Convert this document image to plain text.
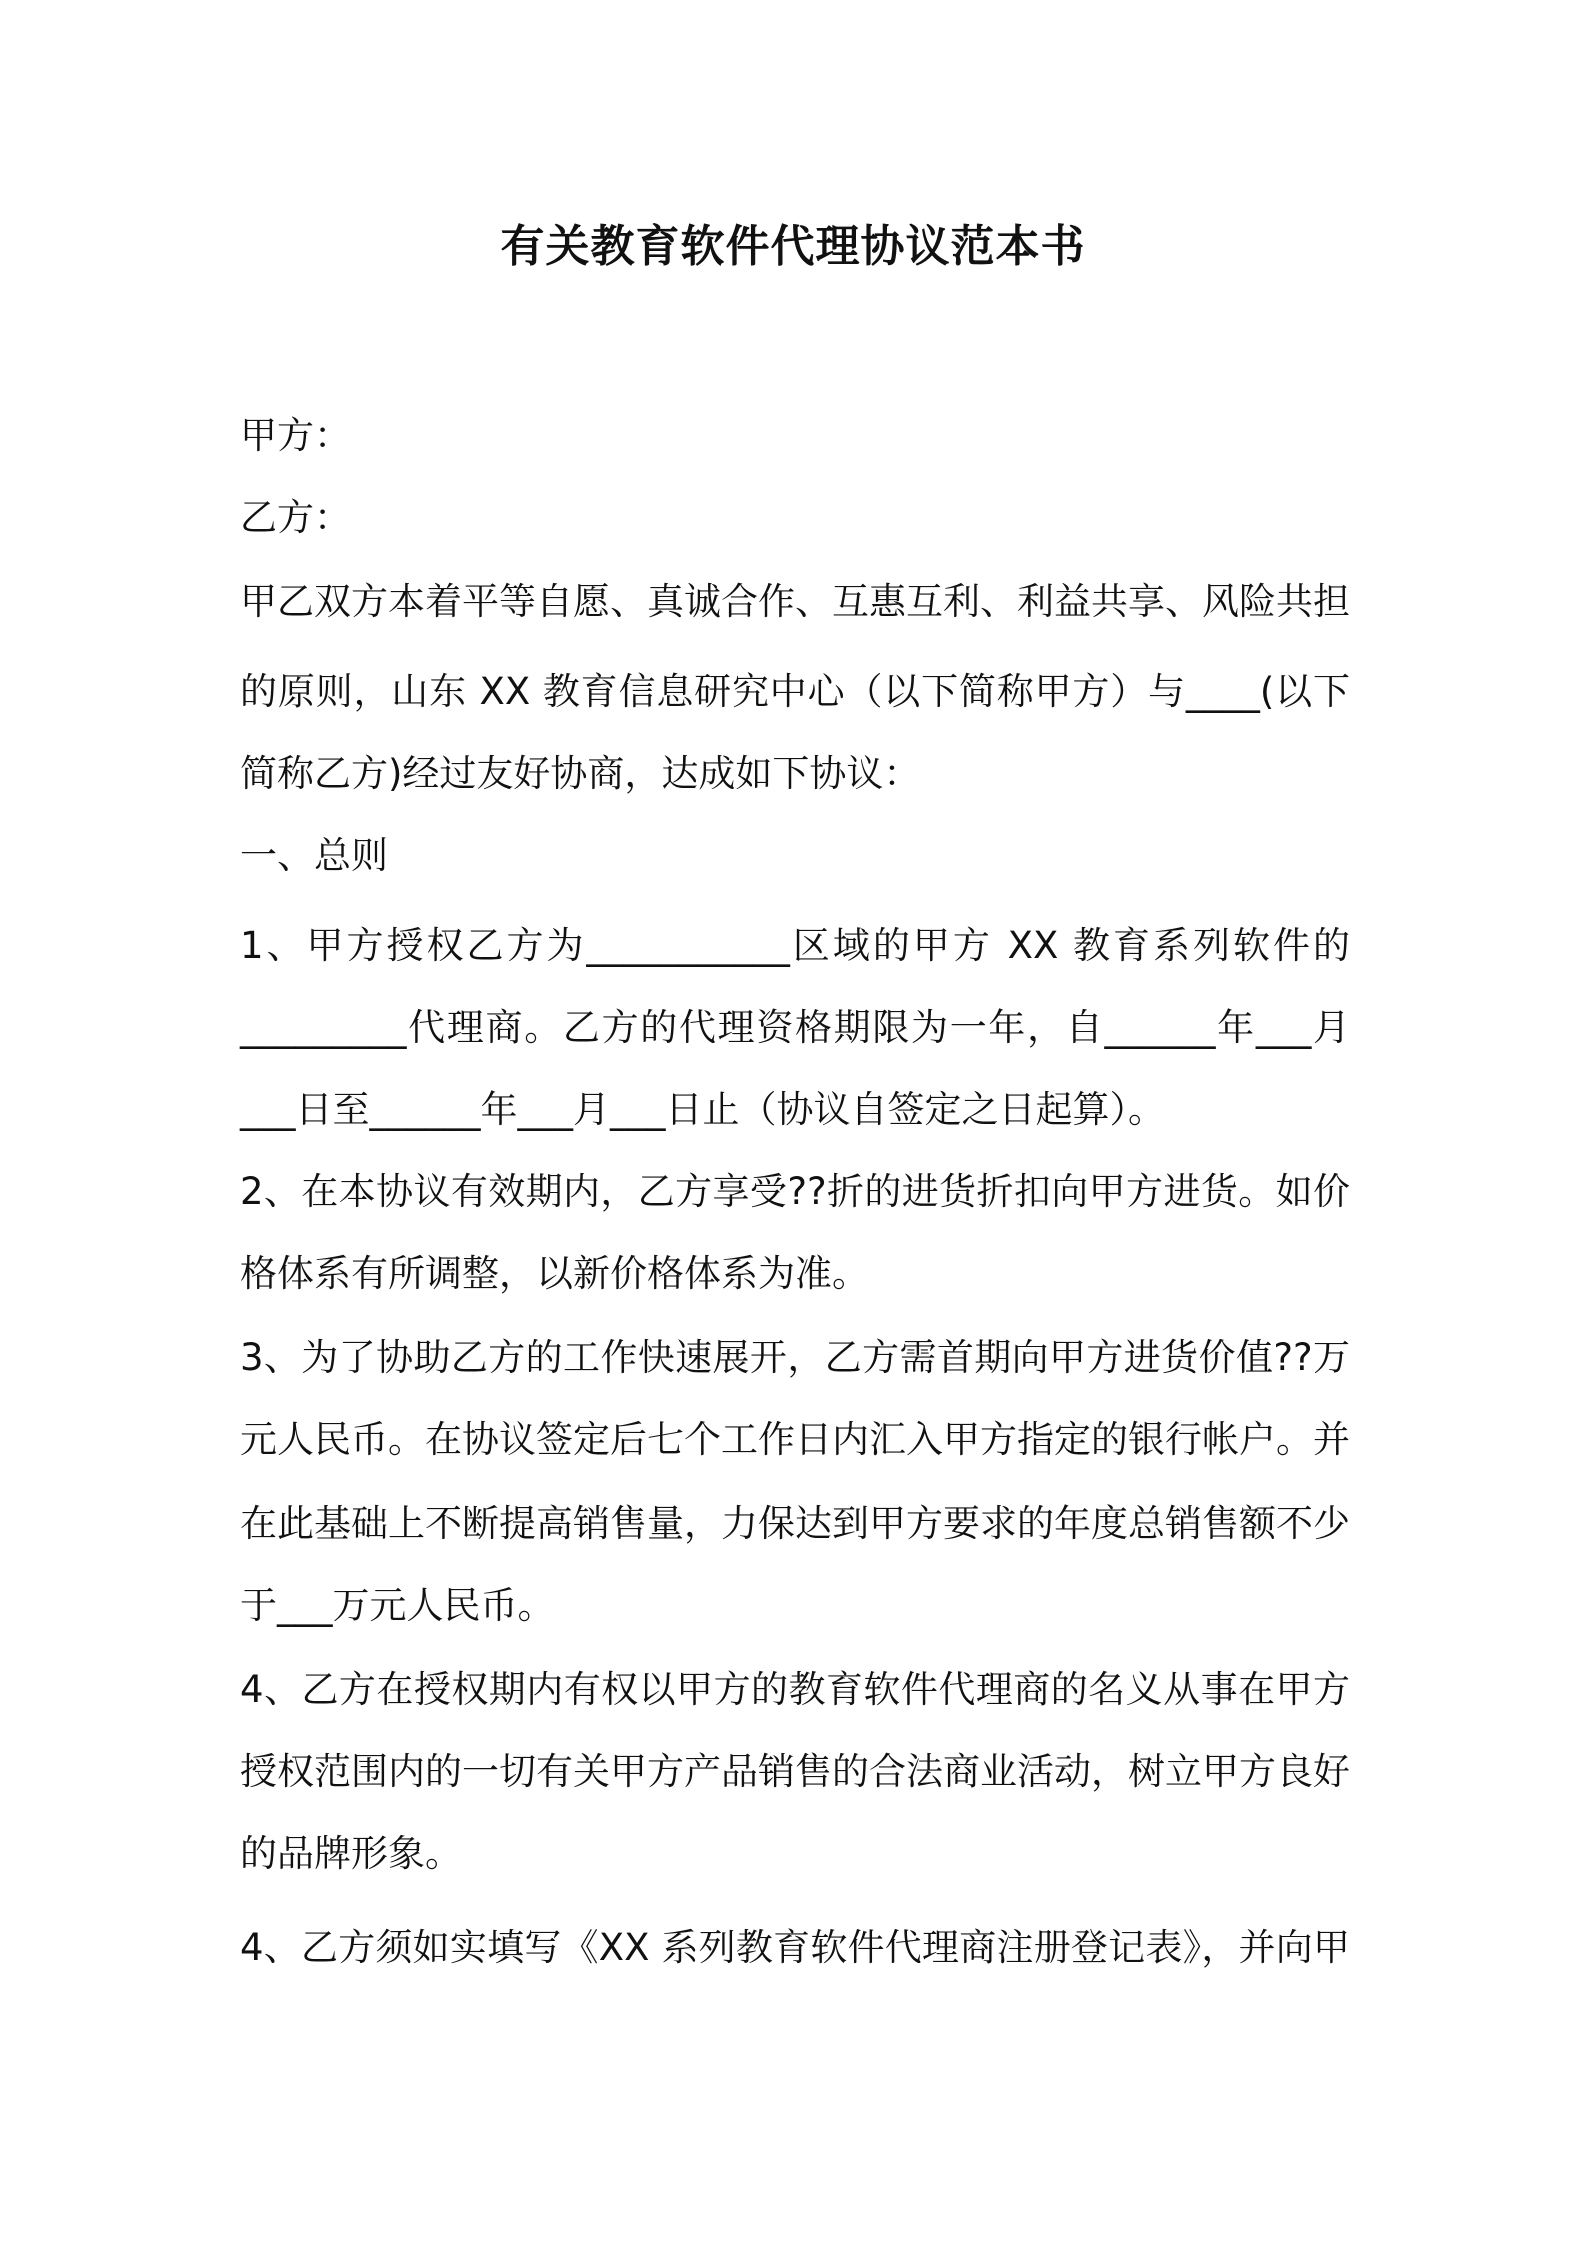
有关教育软件代理协议范本书
甲方：
乙方：
甲乙双方本着平等自愿、真诚合作、互惠互利、利益共享、风险共担
的原则，山东 XX 教育信息研究中心（以下简称甲方）与____(以下
简称乙方)经过友好协商，达成如下协议：
一、总则
1、甲方授权乙方为___________区域的甲方 XX 教育系列软件的
_________代理商。乙方的代理资格期限为一年，自______年___月
___日至______年___月___日止（协议自签定之日起算）。
2、在本协议有效期内，乙方享受??折的进货折扣向甲方进货。如价
格体系有所调整，以新价格体系为准。
3、为了协助乙方的工作快速展开，乙方需首期向甲方进货价值??万
元人民币。在协议签定后七个工作日内汇入甲方指定的银行帐户。并
在此基础上不断提高销售量，力保达到甲方要求的年度总销售额不少
于___万元人民币。
4、乙方在授权期内有权以甲方的教育软件代理商的名义从事在甲方
授权范围内的一切有关甲方产品销售的合法商业活动，树立甲方良好
的品牌形象。
4、乙方须如实填写《XX 系列教育软件代理商注册登记表》，并向甲
